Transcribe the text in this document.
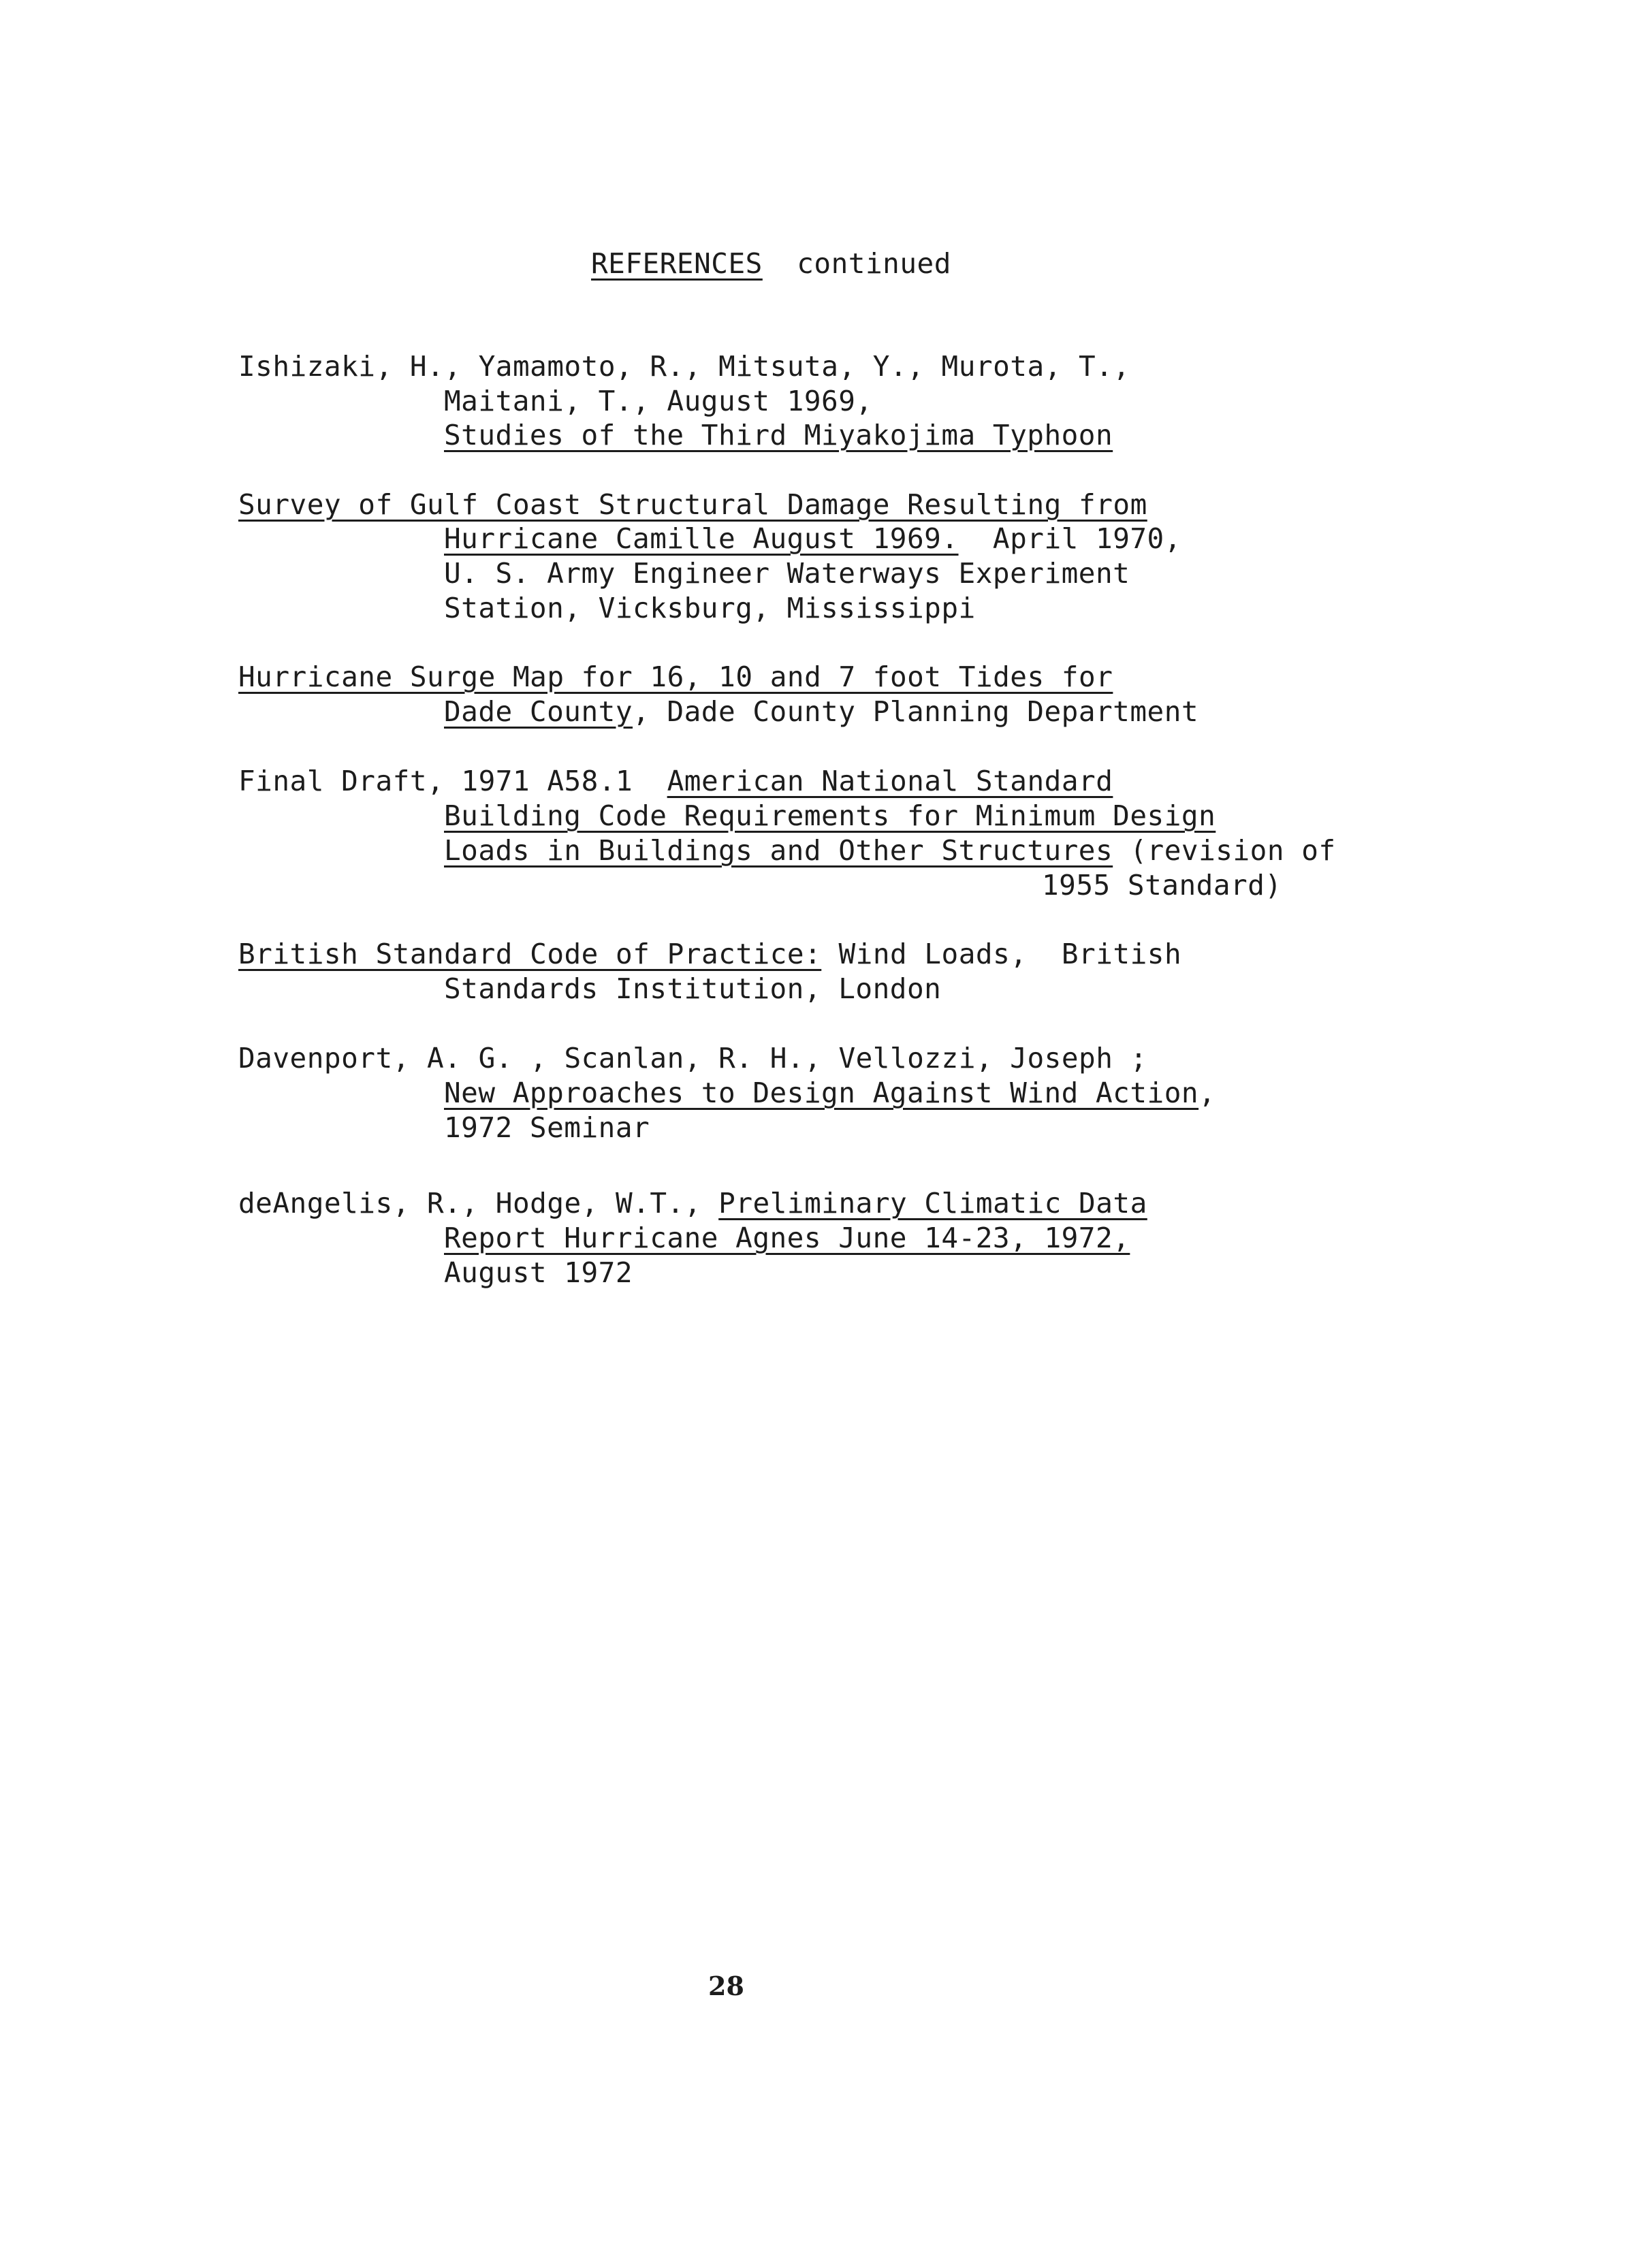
REFERENCES continued
Ishizaki, H., Yamamoto, R., Mitsuta, Y., Murota, T.,
Maitani, T., August 1969,
Studies of the Third Miyakojima Typhoon
Survey of Gulf Coast Structural Damage Resulting from
Hurricane Camille August 1969.  April 1970,
U. S. Army Engineer Waterways Experiment
Station, Vicksburg, Mississippi
Hurricane Surge Map for 16, 10 and 7 foot Tides for
Dade County, Dade County Planning Department
Final Draft, 1971 A58.1  American National Standard
Building Code Requirements for Minimum Design
Loads in Buildings and Other Structures (revision of
1955 Standard)
British Standard Code of Practice: Wind Loads,  British
Standards Institution, London
Davenport, A. G. , Scanlan, R. H., Vellozzi, Joseph ;
New Approaches to Design Against Wind Action,
1972 Seminar
deAngelis, R., Hodge, W.T., Preliminary Climatic Data
Report Hurricane Agnes June 14-23, 1972,
August 1972
28
